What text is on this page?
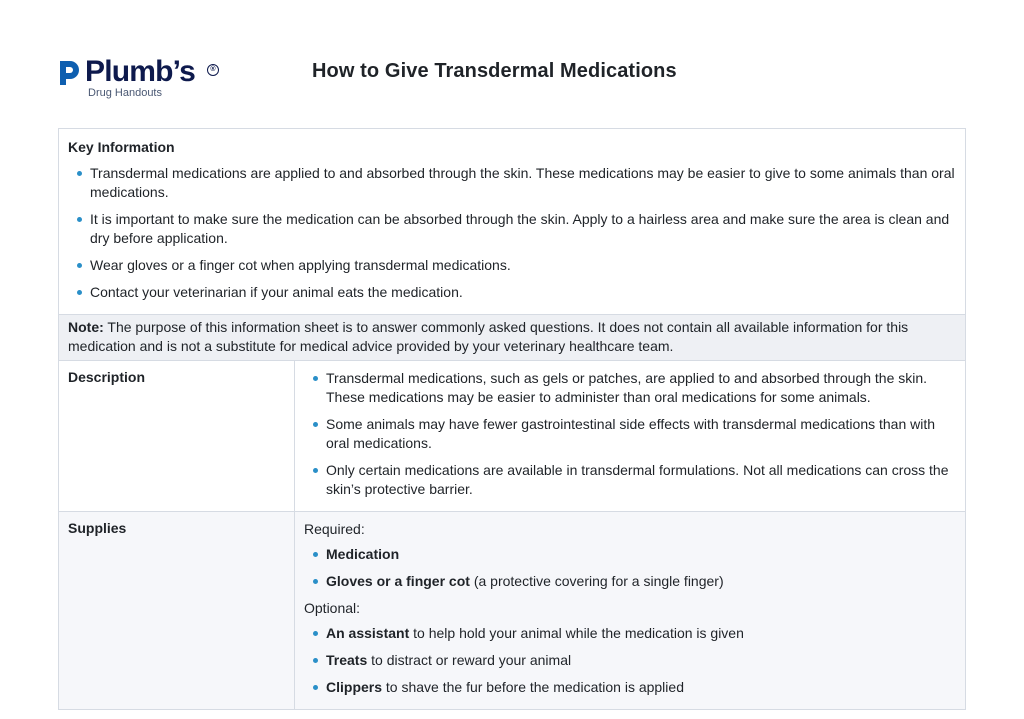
Plumb’s	®
Drug Handouts
How to Give Transdermal Medications
Key Information
Transdermal medications are applied to and absorbed through the skin. These medications may be easier to give to some animals than oral medications.
It is important to make sure the medication can be absorbed through the skin. Apply to a hairless area and make sure the area is clean and dry before application.
Wear gloves or a finger cot when applying transdermal medications.
Contact your veterinarian if your animal eats the medication.
Note: The purpose of this information sheet is to answer commonly asked questions. It does not contain all available information for this medication and is not a substitute for medical advice provided by your veterinary healthcare team.
Description	Transdermal medications, such as gels or patches, are applied to and absorbed through the skin. These medications may be easier to administer than oral medications for some animals.
Some animals may have fewer gastrointestinal side effects with transdermal medications than with oral medications.
Only certain medications are available in transdermal formulations. Not all medications can cross the skin’s protective barrier.
Supplies	Required:
Medication
Gloves or a finger cot (a protective covering for a single finger)
Optional:
An assistant to help hold your animal while the medication is given
Treats to distract or reward your animal
Clippers to shave the fur before the medication is applied
